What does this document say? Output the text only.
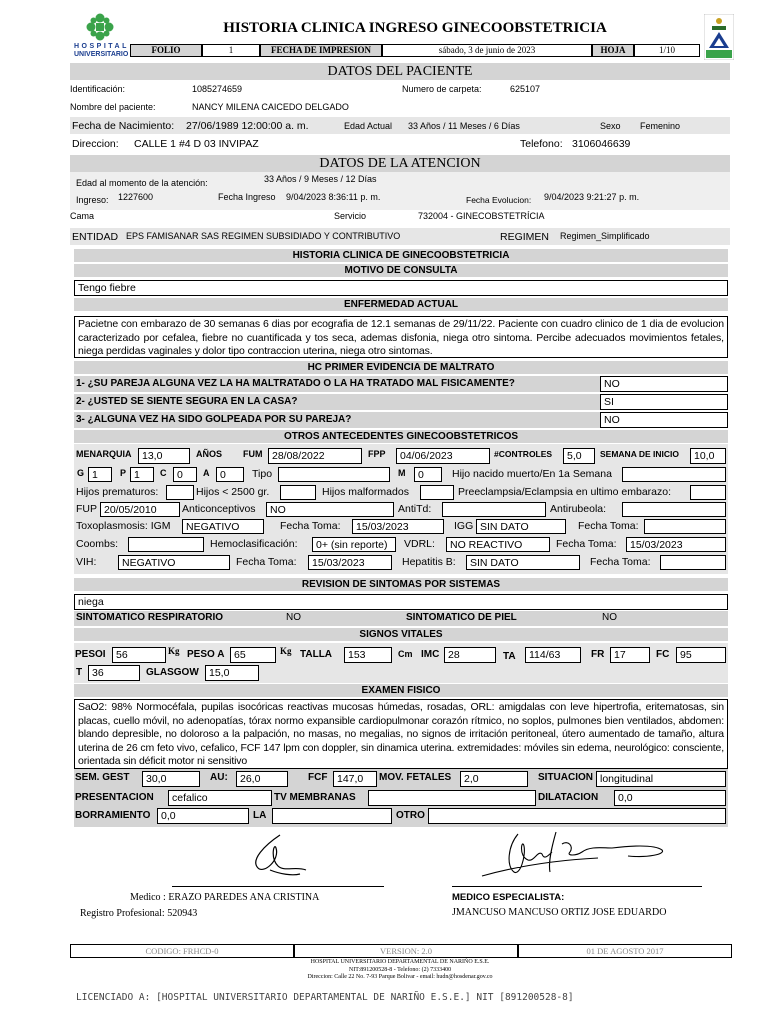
HOSPITAL
UNIVERSITARIO
HISTORIA CLINICA INGRESO GINECOOBSTETRICIA
FOLIO	1	FECHA DE IMPRESION	sábado, 3 de junio de 2023	HOJA	1/10
DATOS DEL PACIENTE
Identificación:	1085274659	Numero de carpeta:	625107
Nombre del paciente:	NANCY MILENA CAICEDO DELGADO
Fecha de Nacimiento: 27/06/1989 12:00:00 a. m.	Edad Actual 33 Años / 11 Meses / 6 Días	Sexo Femenino
Direccion: CALLE 1 #4 D 03 INVIPAZ	Telefono: 3106046639
DATOS DE LA ATENCION
Edad al momento de la atención:	33 Años / 9 Meses / 12 Días
Ingreso: 1227600	Fecha Ingreso 9/04/2023 8:36:11 p. m.	Fecha Evolucion: 9/04/2023 9:21:27 p. m.
Cama	Servicio	732004 - GINECOBSTETRÍCIA
ENTIDAD EPS FAMISANAR SAS REGIMEN SUBSIDIADO Y CONTRIBUTIVO	REGIMEN Regimen_Simplificado
HISTORIA CLINICA DE GINECOOBSTETRICIA
MOTIVO DE CONSULTA
Tengo fiebre
ENFERMEDAD ACTUAL
Pacietne con embarazo de 30 semanas 6 dias por ecografia de 12.1 semanas de 29/11/22. Paciente con cuadro clinico de 1 dia de evolucion caracterizado por cefalea, fiebre no cuantificada y tos seca, ademas disfonia, niega otro sintoma. Percibe adecuados movimientos fetales, niega perdidas vaginales y dolor tipo contraccion uterina, niega otro sintomas.
HC PRIMER EVIDENCIA DE MALTRATO
1- ¿SU PAREJA ALGUNA VEZ LA HA MALTRATADO O LA HA TRATADO MAL FISICAMENTE?	NO
2- ¿USTED SE SIENTE SEGURA EN LA CASA?	SI
3- ¿ALGUNA VEZ HA SIDO GOLPEADA POR SU PAREJA?	NO
OTROS ANTECEDENTES GINECOOBSTETRICOS
MENARQUIA	13,0	AÑOS FUM 28/08/2022	FPP	04/06/2023	#CONTROLES	5,0	SEMANA DE INICIO	10,0
G 1	P 1	C	0	A	0	Tipo	M	0	Hijo nacido muerto/En 1a Semana
Hijos prematuros:	Hijos < 2500 gr.	Hijos malformados	Preeclampsia/Eclampsia en ultimo embarazo:
FUP 20/05/2010	Anticonceptivos	NO	AntiTd:	Antirubeola:
Toxoplasmosis: IGM	NEGATIVO	Fecha Toma:	15/03/2023	IGG SIN DATO	Fecha Toma:
Coombs:	Hemoclasificación:	0+ (sin reporte)	VDRL:	NO REACTIVO	Fecha Toma:	15/03/2023
VIH:	NEGATIVO	Fecha Toma:	15/03/2023	Hepatitis B:	SIN DATO	Fecha Toma:
REVISION DE SINTOMAS POR SISTEMAS
niega
SINTOMATICO RESPIRATORIO	NO	SINTOMATICO DE PIEL	NO
SIGNOS VITALES
PESOI 56	Kg PESO A 65	Kg TALLA	153	Cm IMC 28	TA	114/63	FR 17	FC	95
T 36	GLASGOW 15,0
EXAMEN FISICO
SaO2: 98% Normocéfala, pupilas isocóricas reactivas mucosas húmedas, rosadas, ORL: amigdalas con leve hipertrofia, eritematosas, sin placas, cuello móvil, no adenopatías, tórax normo expansible cardiopulmonar corazón rítmico, no soplos, pulmones bien ventilados, abdomen: blando depresible, no doloroso a la palpación, no masas, no megalias, no signos de irritación peritoneal, útero aumentado de tamaño, altura uterina de 26 cm feto vivo, cefalico, FCF 147 lpm con doppler, sin dinamica uterina. extremidades: móviles sin edema, neurológico: consciente, orientada sin déficit motor ni sensitivo
SEM. GEST	30,0	AU:	26,0	FCF 147,0	MOV. FETALES	2,0	SITUACION longitudinal
PRESENTACION	cefalico	TV MEMBRANAS	DILATACION	0,0
BORRAMIENTO	0,0	LA	OTRO
Medico : ERAZO PAREDES ANA CRISTINA
Registro Profesional: 520943
MEDICO ESPECIALISTA:
JMANCUSO MANCUSO ORTIZ JOSE EDUARDO
CODIGO: FRHCD-0	VERSION: 2.0	01 DE AGOSTO 2017
HOSPITAL UNIVERSITARIO DEPARTAMENTAL DE NARIÑO E.S.E.
NIT:891200528-8 - Telefono: (2) 7333400
Direccion: Calle 22 No. 7-93 Parque Bolivar - email: hudn@hosdenar.gov.co
LICENCIADO A: [HOSPITAL UNIVERSITARIO DEPARTAMENTAL DE NARIÑO E.S.E.] NIT [891200528-8]
